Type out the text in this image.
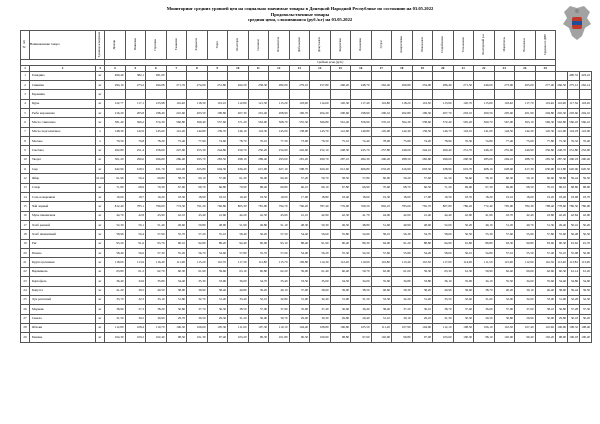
Мониторинг средних уровней цен на социально значимые товары в Донецкой Народной Республике по состоянию на 03.05.2022
Продовольственные товары
средняя цена, сложившаяся (руб./кг) на 03.05.2022
№ п/п	Наименование товара	Единица измерения	Донецк	Макеевка	Горловка	Енакиево	Харцызск	Торез	Шахтерск	Снежное	Ясиноватая	Дебальцево	Докучаевск	Кировское	Ждановка	Зугрэс	Амвросиевка	Новоазовск	Старобешево	Тельманово	Шахтерский р-н	Мариуполь	Волноваха	Средняя по ДНР			
			Средняя цена (руб.)																								
1	2	3	4	5	6	7	8	9	10	11	12	13	14	15	16	17	18	19	20	21	22	23	24	25			
1	Говядина	кг	490,40	382,1	281,00																					490,53	418,22
2	Свинина	кг	294,10	273,2	294,08	271,76	274,60	251,80	264,50	258,30	282,00	279,10	257,80	266,20	248,70	262,40	269,80	254,00	286,40	271,50	249,00	273,90	265,00	277,40	266,50	275,12	262,14
3	Баранина	кг																									
4	Куры	кг	122,77	117,1	123,98	116,40	118,30	119,10	112,80	121,50	115,20	118,90	114,60	120,30	117,40	116,80	118,20	119,50	113,90	120,70	115,80	118,40	117,70	119,40	116,90	117,56	118,20
5	Рыба мороженая	кг	216,20	205,8	198,40	210,60	203,50	199,80	207,30	201,40	208,90	196,70	204,20	200,60	198,90	206,10	202,80	199,30	207,70	203,10	200,50	205,60	201,90	204,80	202,30	203,66	204,10
6	Масло сливочное	кг	581,40	566,2	574,30	560,80	569,40	557,60	571,20	563,90	568,70	555,30	566,80	561,40	559,90	570,10	564,30	558,60	572,40	565,20	560,70	567,90	563,10	569,30	562,80	566,45	566,10
7	Масло подсолнечное	л	148,30	142,9	145,60	141,20	144,80	139,70	146,10	143,30	145,00	138,90	143,70	141,60	140,80	145,90	142,40	139,50	146,70	143,10	141,00	144,50	142,20	145,30	141,90	143,18	143,00
8	Молоко	л	79,50	76,8	78,20	75,40	77,90	74,60	78,70	76,10	77,30	73,90	76,50	75,10	74,40	78,00	75,80	74,20	78,90	76,30	74,80	77,40	75,60	77,80	75,30	76,32	76,40
9	Сметана	кг	262,80	251,4	258,60	247,90	255,30	244,80	259,70	250,20	254,90	242,60	252,10	248,30	245,70	257,80	249,60	244,10	260,40	251,70	246,20	255,60	249,90	256,80	248,70	251,80	252,00
10	Творог	кг	301,20	290,6	296,80	286,40	293,70	283,50	298,10	289,40	293,00	281,20	290,70	287,10	284,30	296,20	288,50	282,90	299,00	290,30	285,00	294,10	288,70	295,50	287,30	290,18	290,40
11	Сыр	кг	642,90	618,5	631,70	610,20	625,80	604,30	636,40	615,90	627,10	598,70	620,40	612,60	606,80	633,20	616,90	603,50	638,90	619,70	608,10	628,60	617,30	630,90	613,80	620,06	620,50
12	Яйца	10 шт	61,90	59,4	60,80	58,70	60,10	57,90	61,20	59,00	60,40	57,20	59,70	58,50	57,80	60,90	59,20	57,60	61,50	59,60	58,10	60,30	59,10	60,60	58,80	59,44	59,50
13	Сахар	кг	71,80	68,9	70,30	67,60	69,70	66,80	70,90	68,40	69,80	66,10	69,10	67,80	66,90	70,60	68,70	66,50	71,20	69,00	67,30	69,90	68,50	70,10	68,10	68,86	68,90
14	Соль поваренная	кг	19,60	18,7	19,20	18,30	18,90	18,10	19,40	18,50	19,00	17,90	18,80	18,40	18,00	19,30	18,60	17,90	19,50	18,70	18,20	19,10	18,60	19,20	18,40	18,68	18,70
15	Чай черный	кг	812,40	785,1	799,60	774,30	791,20	766,80	805,30	781,90	794,70	760,20	787,40	776,90	769,50	802,10	783,60	765,70	807,80	786,20	772,40	795,90	782,30	798,40	778,60	786,50	786,90
16	Мука пшеничная	кг	44,70	42,8	43,90	42,10	43,40	41,60	44,20	42,50	43,60	41,10	42,90	42,30	41,70	44,00	42,60	41,40	44,40	42,90	41,90	43,70	42,40	43,80	42,20	42,84	42,90
17	Хлеб ржаной	кг	52,30	50,1	51,40	49,60	50,80	48,90	51,90	49,80	51,10	48,30	50,30	49,50	48,80	51,60	49,90	48,60	52,00	50,20	49,10	51,20	49,70	51,30	49,40	50,16	50,20
18	Хлеб пшеничный	кг	58,90	56,4	57,90	55,70	57,20	55,10	58,40	56,20	57,50	54,40	56,60	55,80	54,90	58,10	56,30	54,70	58,60	56,50	55,30	57,60	55,90	57,80	55,60	56,48	56,50
19	Рис	кг	95,20	91,6	93,70	90,10	92,80	89,20	94,40	90,90	93,10	88,40	91,90	90,40	89,30	94,00	91,20	88,80	94,90	91,80	89,80	93,30	90,80	93,60	90,30	91,62	91,70
20	Пшено	кг	58,40	56,0	57,30	55,20	56,70	54,60	57,80	55,70	57,00	54,00	56,20	55,30	54,50	57,60	55,80	54,20	58,00	56,10	54,80	57,10	55,50	57,40	55,10	55,98	56,00
21	Крупа гречневая	кг	118,60	113,9	116,40	111,90	115,20	110,70	117,30	112,80	115,70	109,80	114,30	112,20	110,90	116,80	113,40	110,30	117,90	114,00	111,50	115,90	112,90	116,30	112,40	113,82	113,90
22	Вермишель	кг	63,80	61,2	62,70	60,30	61,90	59,60	63,10	60,80	62,20	59,00	61,40	60,40	59,70	62,90	61,00	59,30	63,30	61,30	59,90	62,40	60,60	62,60	60,30	61,14	61,20
23	Картофель	кг	36,40	34,9	35,80	34,40	35,30	33,90	36,00	34,70	35,40	33,50	35,00	34,50	34,00	35,90	34,80	33,80	36,10	35,00	34,10	35,50	34,60	35,60	34,40	34,86	34,90
24	Капуста	кг	41,20	39,5	40,50	38,90	39,90	38,40	40,80	39,20	40,10	37,90	39,60	39,00	38,50	40,60	39,30	38,20	40,90	39,60	38,70	40,20	39,10	40,40	38,90	39,44	39,50
25	Лук репчатый	кг	33,70	32,3	33,10	31,80	32,70	31,40	33,40	32,10	32,80	31,00	32,40	31,90	31,50	33,30	32,20	31,20	33,50	32,40	31,60	32,90	32,00	33,00	31,90	32,28	32,30
26	Морковь	кг	38,90	37,3	38,20	36,80	37,70	36,30	38,50	37,00	37,90	35,90	37,40	36,90	36,40	38,40	37,20	36,10	38,70	37,40	36,60	37,90	37,00	38,10	36,80	37,28	37,30
27	Свекла	кг	31,50	30,2	30,90	29,70	30,50	29,30	31,20	30,00	30,70	29,00	30,30	29,80	29,40	31,10	30,10	29,10	31,30	30,30	29,50	30,80	29,90	30,90	29,80	30,18	30,20
28	Яблоки	кг	112,80	108,4	110,70	106,50	109,60	105,30	111,60	107,30	110,10	104,40	108,80	106,80	105,50	111,20	107,90	104,90	112,10	108,50	106,10	110,30	107,40	110,60	106,90	108,32	108,40
29	Бананы	кг	104,30	100,2	102,40	98,50	101,30	97,40	103,20	99,30	101,80	96,50	100,60	98,80	97,60	102,90	99,80	97,00	103,60	100,30	98,10	102,00	99,40	102,20	98,90	100,18	100,20
